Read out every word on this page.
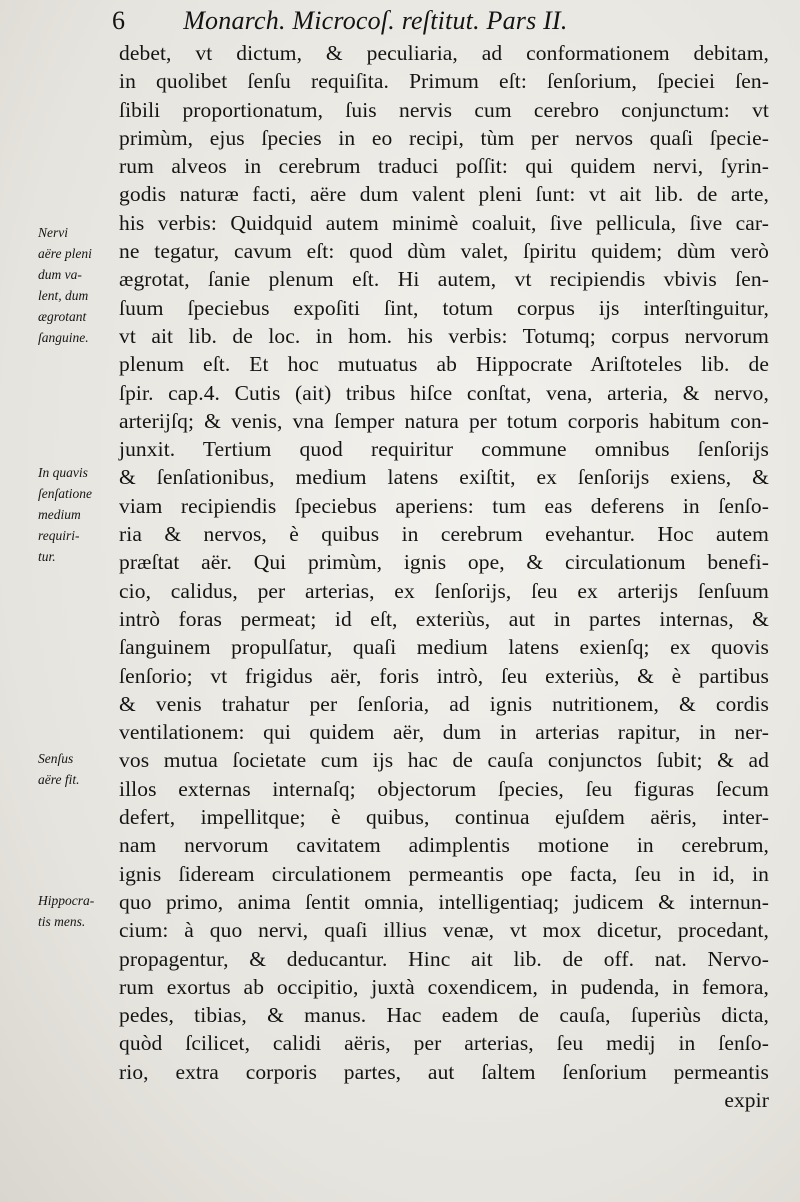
6 Monarch. Microcoſ. reſtitut. Pars II.
Nervi
aëre pleni
dum va-
lent, dum
ægrotant
ſanguine.
In quavis
ſenſatione
medium
requiri-
tur.
Senſus
aëre fit.
Hippocra-
tis mens.
debet, vt dictum, & peculiaria, ad conformationem debitam,
in quolibet ſenſu requiſita. Primum eſt: ſenſorium, ſpeciei ſen-
ſibili proportionatum, ſuis nervis cum cerebro conjunctum: vt
primùm, ejus ſpecies in eo recipi, tùm per nervos quaſi ſpecie-
rum alveos in cerebrum traduci poſſit: qui quidem nervi, ſyrin-
godis naturæ facti, aëre dum valent pleni ſunt: vt ait lib. de arte,
his verbis: Quidquid autem minimè coaluit, ſive pellicula, ſive car-
ne tegatur, cavum eſt: quod dùm valet, ſpiritu quidem; dùm verò
ægrotat, ſanie plenum eſt. Hi autem, vt recipiendis vbivis ſen-
ſuum ſpeciebus expoſiti ſint, totum corpus ijs interſtinguitur,
vt ait lib. de loc. in hom. his verbis: Totumq; corpus nervorum
plenum eſt. Et hoc mutuatus ab Hippocrate Ariſtoteles lib. de
ſpir. cap.4. Cutis (ait) tribus hiſce conſtat, vena, arteria, & nervo,
arterijſq; & venis, vna ſemper natura per totum corporis habitum con-
junxit. Tertium quod requiritur commune omnibus ſenſorijs
& ſenſationibus, medium latens exiſtit, ex ſenſorijs exiens, &
viam recipiendis ſpeciebus aperiens: tum eas deferens in ſenſo-
ria & nervos, è quibus in cerebrum evehantur. Hoc autem
præſtat aër. Qui primùm, ignis ope, & circulationum benefi-
cio, calidus, per arterias, ex ſenſorijs, ſeu ex arterijs ſenſuum
intrò foras permeat; id eſt, exteriùs, aut in partes internas, &
ſanguinem propulſatur, quaſi medium latens exienſq; ex quovis
ſenſorio; vt frigidus aër, foris intrò, ſeu exteriùs, & è partibus
& venis trahatur per ſenſoria, ad ignis nutritionem, & cordis
ventilationem: qui quidem aër, dum in arterias rapitur, in ner-
vos mutua ſocietate cum ijs hac de cauſa conjunctos ſubit; & ad
illos externas internaſq; objectorum ſpecies, ſeu figuras ſecum
defert, impellitque; è quibus, continua ejuſdem aëris, inter-
nam nervorum cavitatem adimplentis motione in cerebrum,
ignis ſideream circulationem permeantis ope facta, ſeu in id, in
quo primo, anima ſentit omnia, intelligentiaq; judicem & internun-
cium: à quo nervi, quaſi illius venæ, vt mox dicetur, procedant,
propagentur, & deducantur. Hinc ait lib. de off. nat. Nervo-
rum exortus ab occipitio, juxtà coxendicem, in pudenda, in femora,
pedes, tibias, & manus. Hac eadem de cauſa, ſuperiùs dicta,
quòd ſcilicet, calidi aëris, per arterias, ſeu medij in ſenſo-
rio, extra corporis partes, aut ſaltem ſenſorium permeantis
expir
